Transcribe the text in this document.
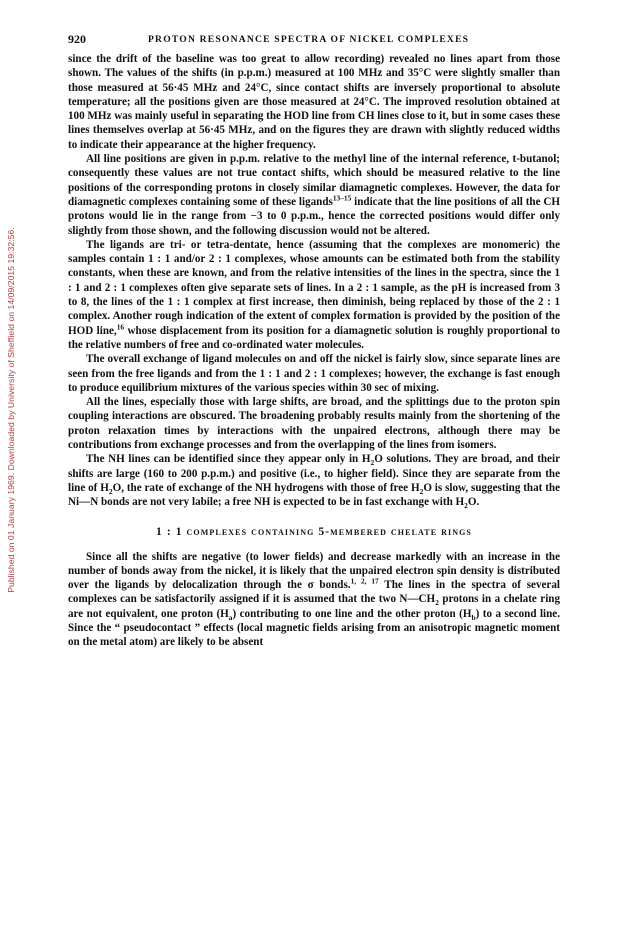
Published on 01 January 1969. Downloaded by University of Sheffield on 14/09/2015 19:32:56.
920	PROTON RESONANCE SPECTRA OF NICKEL COMPLEXES

since the drift of the baseline was too great to allow recording) revealed no lines apart from those shown. The values of the shifts (in p.p.m.) measured at 100 MHz and 35°C were slightly smaller than those measured at 56·45 MHz and 24°C, since contact shifts are inversely proportional to absolute temperature; all the positions given are those measured at 24°C. The improved resolution obtained at 100 MHz was mainly useful in separating the HOD line from CH lines close to it, but in some cases these lines themselves overlap at 56·45 MHz, and on the figures they are drawn with slightly reduced widths to indicate their appearance at the higher frequency.

All line positions are given in p.p.m. relative to the methyl line of the internal reference, t-butanol; consequently these values are not true contact shifts, which should be measured relative to the line positions of the corresponding protons in closely similar diamagnetic complexes. However, the data for diamagnetic complexes containing some of these ligands$^{13-15}$ indicate that the line positions of all the CH protons would lie in the range from −3 to 0 p.p.m., hence the corrected positions would differ only slightly from those shown, and the following discussion would not be altered.

The ligands are tri- or tetra-dentate, hence (assuming that the complexes are monomeric) the samples contain 1 : 1 and/or 2 : 1 complexes, whose amounts can be estimated both from the stability constants, when these are known, and from the relative intensities of the lines in the spectra, since the 1 : 1 and 2 : 1 complexes often give separate sets of lines. In a 2 : 1 sample, as the pH is increased from 3 to 8, the lines of the 1 : 1 complex at first increase, then diminish, being replaced by those of the 2 : 1 complex. Another rough indication of the extent of complex formation is provided by the position of the HOD line,$^{16}$ whose displacement from its position for a diamagnetic solution is roughly proportional to the relative numbers of free and co-ordinated water molecules.

The overall exchange of ligand molecules on and off the nickel is fairly slow, since separate lines are seen from the free ligands and from the 1 : 1 and 2 : 1 complexes; however, the exchange is fast enough to produce equilibrium mixtures of the various species within 30 sec of mixing.

All the lines, especially those with large shifts, are broad, and the splittings due to the proton spin coupling interactions are obscured. The broadening probably results mainly from the shortening of the proton relaxation times by interactions with the unpaired electrons, although there may be contributions from exchange processes and from the overlapping of the lines from isomers.

The NH lines can be identified since they appear only in $H_2O$ solutions. They are broad, and their shifts are large (160 to 200 p.p.m.) and positive (i.e., to higher field). Since they are separate from the line of $H_2O$, the rate of exchange of the NH hydrogens with those of free $H_2O$ is slow, suggesting that the Ni—N bonds are not very labile; a free NH is expected to be in fast exchange with $H_2O$.

1 : 1 complexes containing 5-membered chelate rings

Since all the shifts are negative (to lower fields) and decrease markedly with an increase in the number of bonds away from the nickel, it is likely that the unpaired electron spin density is distributed over the ligands by delocalization through the σ bonds.$^{1, 2, 17}$ The lines in the spectra of several complexes can be satisfactorily assigned if it is assumed that the two $N—CH_2$ protons in a chelate ring are not equivalent, one proton $(H_a)$ contributing to one line and the other proton $(H_b)$ to a second line. Since the “ pseudocontact ” effects (local magnetic fields arising from an anisotropic magnetic moment on the metal atom) are likely to be absent
